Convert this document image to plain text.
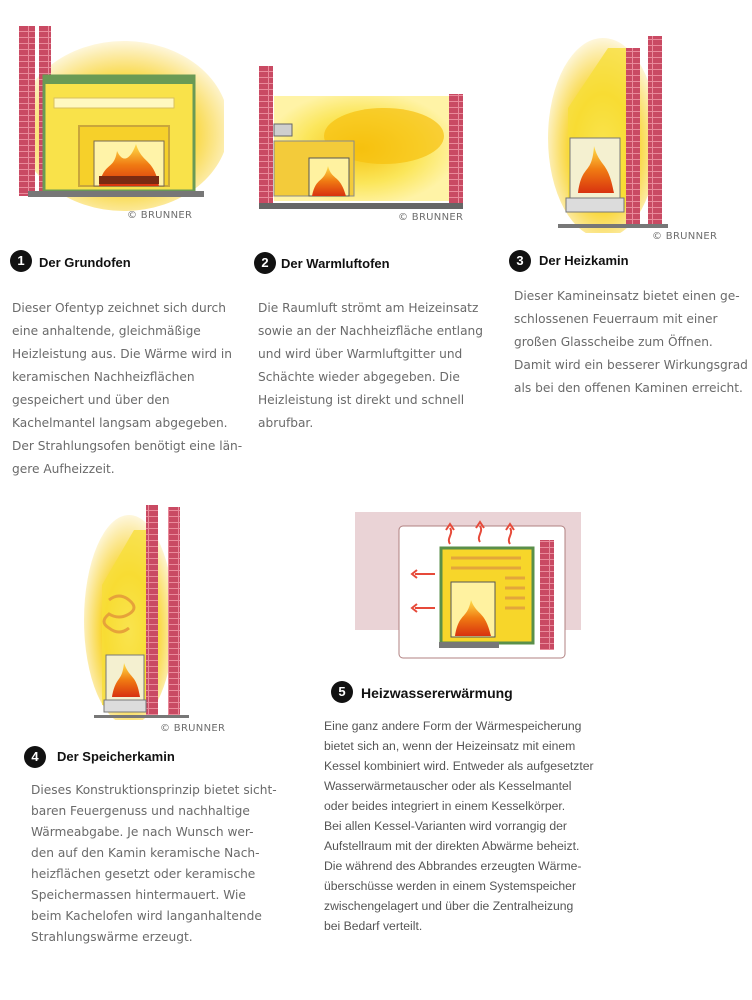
© BRUNNER	© BRUNNER
© BRUNNER
1	Der Grundofen
Dieser Ofentyp zeichnet sich durch
eine anhaltende, gleichmäßige
Heizleistung aus. Die Wärme wird in
keramischen Nachheizflächen
gespeichert und über den
Kachelmantel langsam abgegeben.
Der Strahlungsofen benötigt eine län-
gere Aufheizzeit.
2 Der Warmluftofen
Die Raumluft strömt am Heizeinsatz
sowie an der Nachheizfläche entlang
und wird über Warmluftgitter und
Schächte wieder abgegeben. Die
Heizleistung ist direkt und schnell
abrufbar.
3	Der Heizkamin
Dieser Kamineinsatz bietet einen ge-
schlossenen Feuerraum mit einer
großen Glasscheibe zum Öffnen.
Damit wird ein besserer Wirkungsgrad
als bei den offenen Kaminen erreicht.
© BRUNNER
4	Der Speicherkamin
Dieses Konstruktionsprinzip bietet sicht-
baren Feuergenuss und nachhaltige
Wärmeabgabe. Je nach Wunsch wer-
den auf den Kamin keramische Nach-
heizflächen gesetzt oder keramische
Speichermassen hintermauert. Wie
beim Kachelofen wird langanhaltende
Strahlungswärme erzeugt.
5	Heizwassererwärmung
Eine ganz andere Form der Wärmespeicherung
bietet sich an, wenn der Heizeinsatz mit einem
Kessel kombiniert wird. Entweder als aufgesetzter
Wasserwärmetauscher oder als Kesselmantel
oder beides integriert in einem Kesselkörper.
Bei allen Kessel-Varianten wird vorrangig der
Aufstellraum mit der direkten Abwärme beheizt.
Die während des Abbrandes erzeugten Wärme-
überschüsse werden in einem Systemspeicher
zwischengelagert und über die Zentralheizung
bei Bedarf verteilt.
